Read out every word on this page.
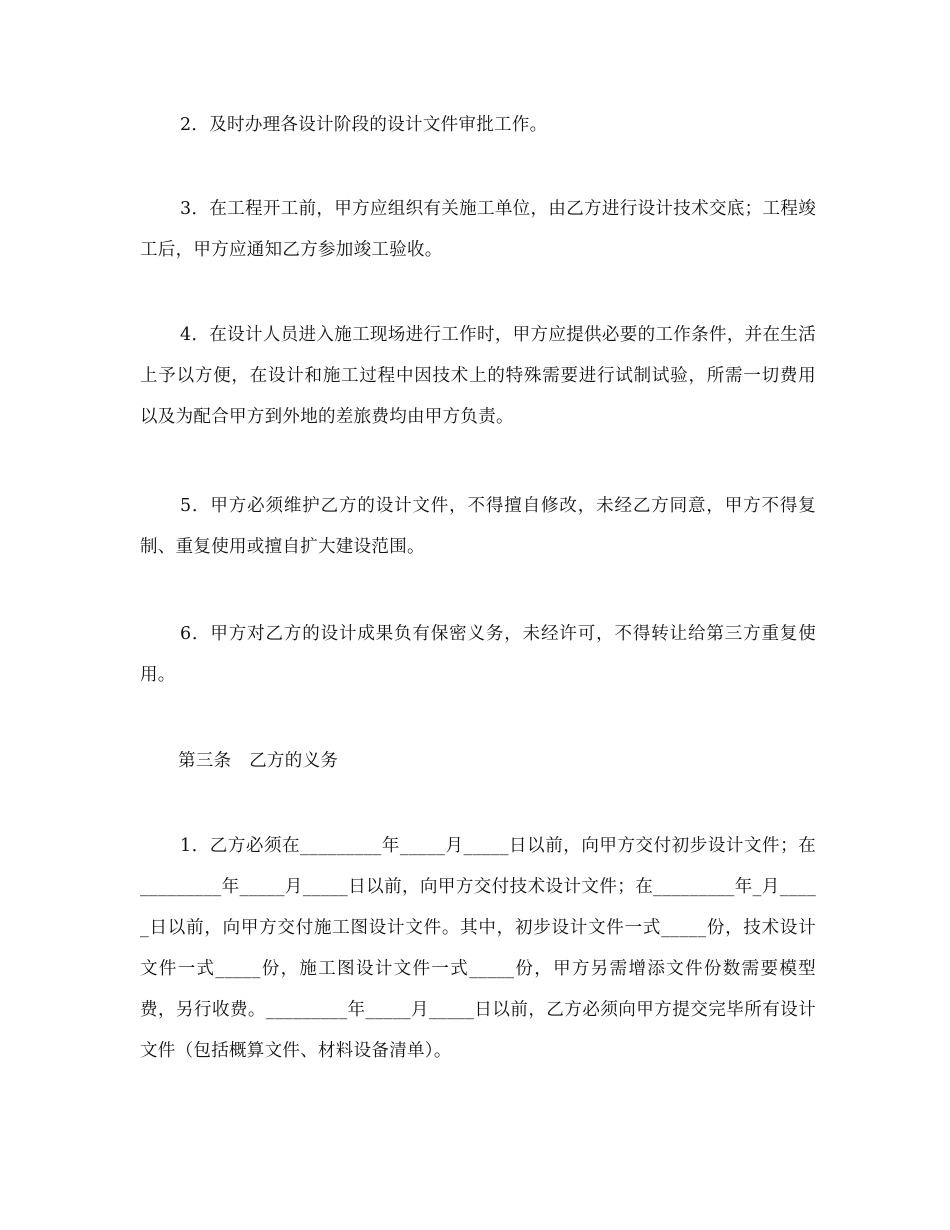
2．及时办理各设计阶段的设计文件审批工作。

3．在工程开工前，甲方应组织有关施工单位，由乙方进行设计技术交底；工程竣工后，甲方应通知乙方参加竣工验收。

4．在设计人员进入施工现场进行工作时，甲方应提供必要的工作条件，并在生活上予以方便，在设计和施工过程中因技术上的特殊需要进行试制试验，所需一切费用以及为配合甲方到外地的差旅费均由甲方负责。

5．甲方必须维护乙方的设计文件，不得擅自修改，未经乙方同意，甲方不得复制、重复使用或擅自扩大建设范围。

6．甲方对乙方的设计成果负有保密义务，未经许可，不得转让给第三方重复使用。

第三条　乙方的义务

1．乙方必须在_________年_____月_____日以前，向甲方交付初步设计文件；在_________年_____月_____日以前，向甲方交付技术设计文件；在_________年_月_____日以前，向甲方交付施工图设计文件。其中，初步设计文件一式_____份，技术设计文件一式_____份，施工图设计文件一式_____份，甲方另需增添文件份数需要模型费，另行收费。_________年_____月_____日以前，乙方必须向甲方提交完毕所有设计文件（包括概算文件、材料设备清单）。
